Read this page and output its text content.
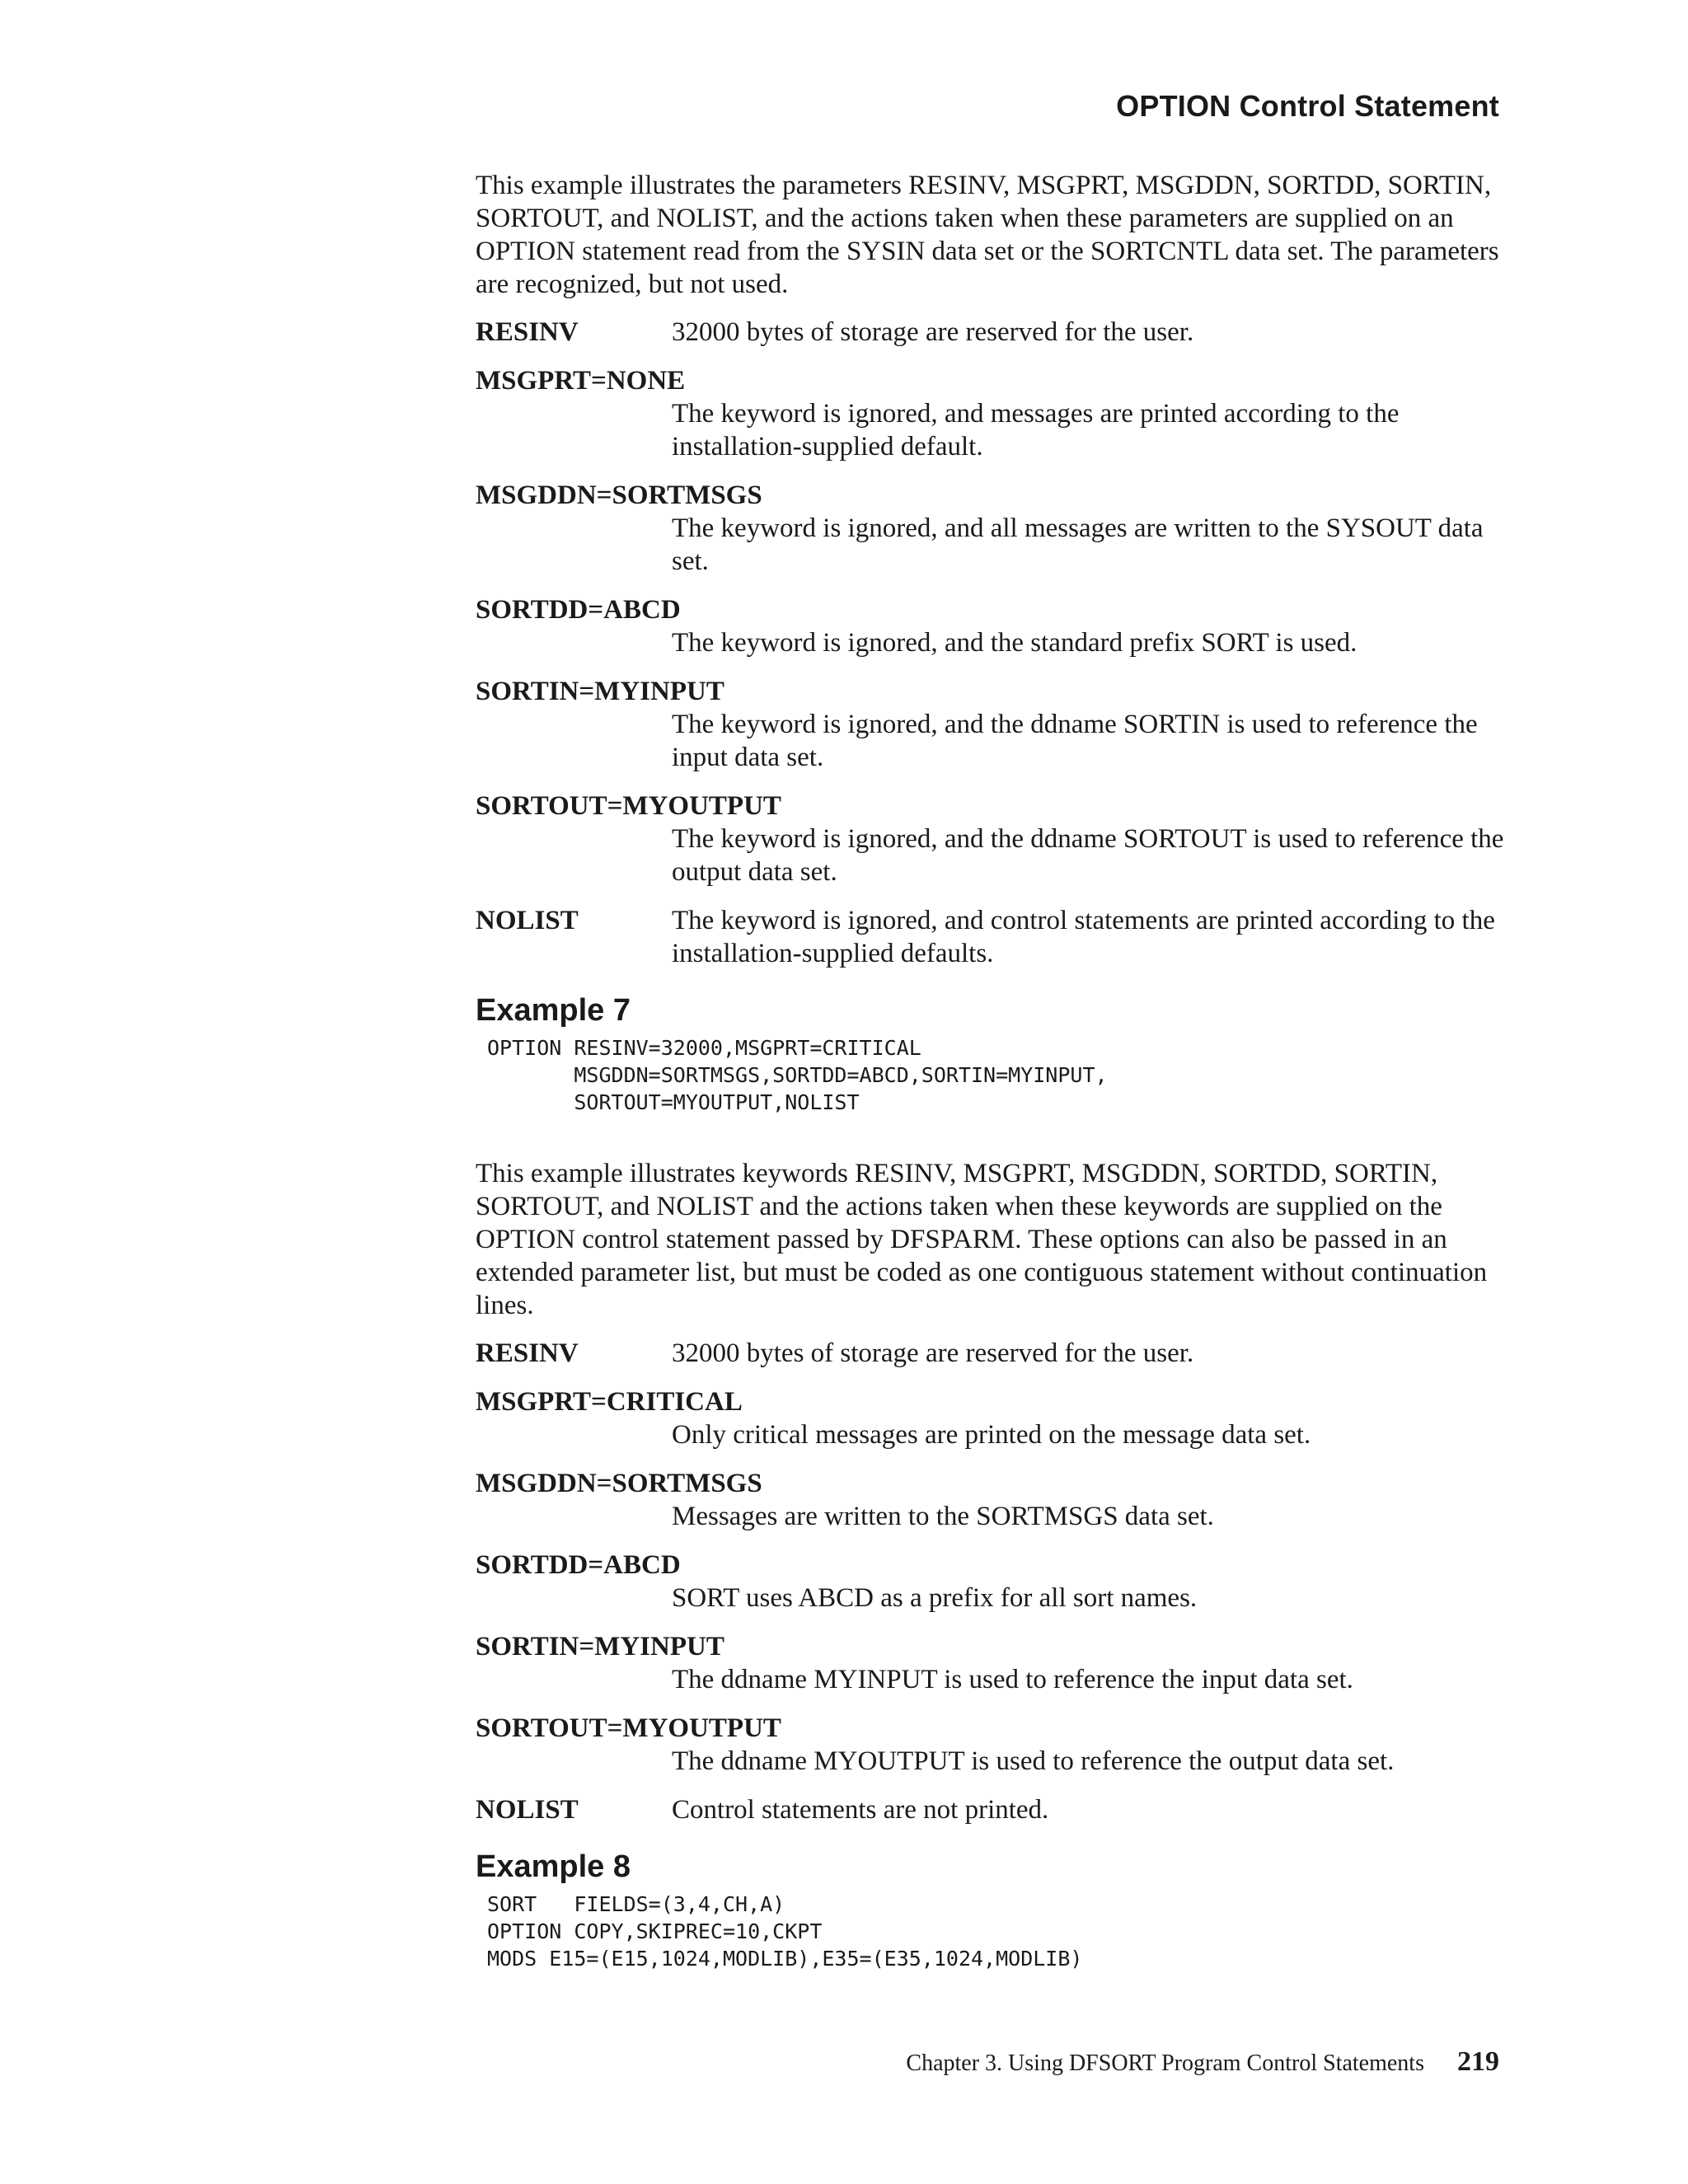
OPTION Control Statement

This example illustrates the parameters RESINV, MSGPRT, MSGDDN, SORTDD, SORTIN, SORTOUT, and NOLIST, and the actions taken when these parameters are supplied on an OPTION statement read from the SYSIN data set or the SORTCNTL data set. The parameters are recognized, but not used.

RESINV	32000 bytes of storage are reserved for the user.
MSGPRT=NONE
The keyword is ignored, and messages are printed according to the installation-supplied default.
MSGDDN=SORTMSGS
The keyword is ignored, and all messages are written to the SYSOUT data set.
SORTDD=ABCD
The keyword is ignored, and the standard prefix SORT is used.
SORTIN=MYINPUT
The keyword is ignored, and the ddname SORTIN is used to reference the input data set.
SORTOUT=MYOUTPUT
The keyword is ignored, and the ddname SORTOUT is used to reference the output data set.
NOLIST	The keyword is ignored, and control statements are printed according to the installation-supplied defaults.
Example 7
OPTION RESINV=32000,MSGPRT=CRITICAL
MSGDDN=SORTMSGS,SORTDD=ABCD,SORTIN=MYINPUT,
SORTOUT=MYOUTPUT,NOLIST

This example illustrates keywords RESINV, MSGPRT, MSGDDN, SORTDD, SORTIN, SORTOUT, and NOLIST and the actions taken when these keywords are supplied on the OPTION control statement passed by DFSPARM. These options can also be passed in an extended parameter list, but must be coded as one contiguous statement without continuation lines.

RESINV	32000 bytes of storage are reserved for the user.
MSGPRT=CRITICAL
Only critical messages are printed on the message data set.
MSGDDN=SORTMSGS
Messages are written to the SORTMSGS data set.
SORTDD=ABCD
SORT uses ABCD as a prefix for all sort names.
SORTIN=MYINPUT
The ddname MYINPUT is used to reference the input data set.
SORTOUT=MYOUTPUT
The ddname MYOUTPUT is used to reference the output data set.
NOLIST	Control statements are not printed.
Example 8
SORT   FIELDS=(3,4,CH,A)
OPTION COPY,SKIPREC=10,CKPT
MODS E15=(E15,1024,MODLIB),E35=(E35,1024,MODLIB)
Chapter 3. Using DFSORT Program Control Statements 219
